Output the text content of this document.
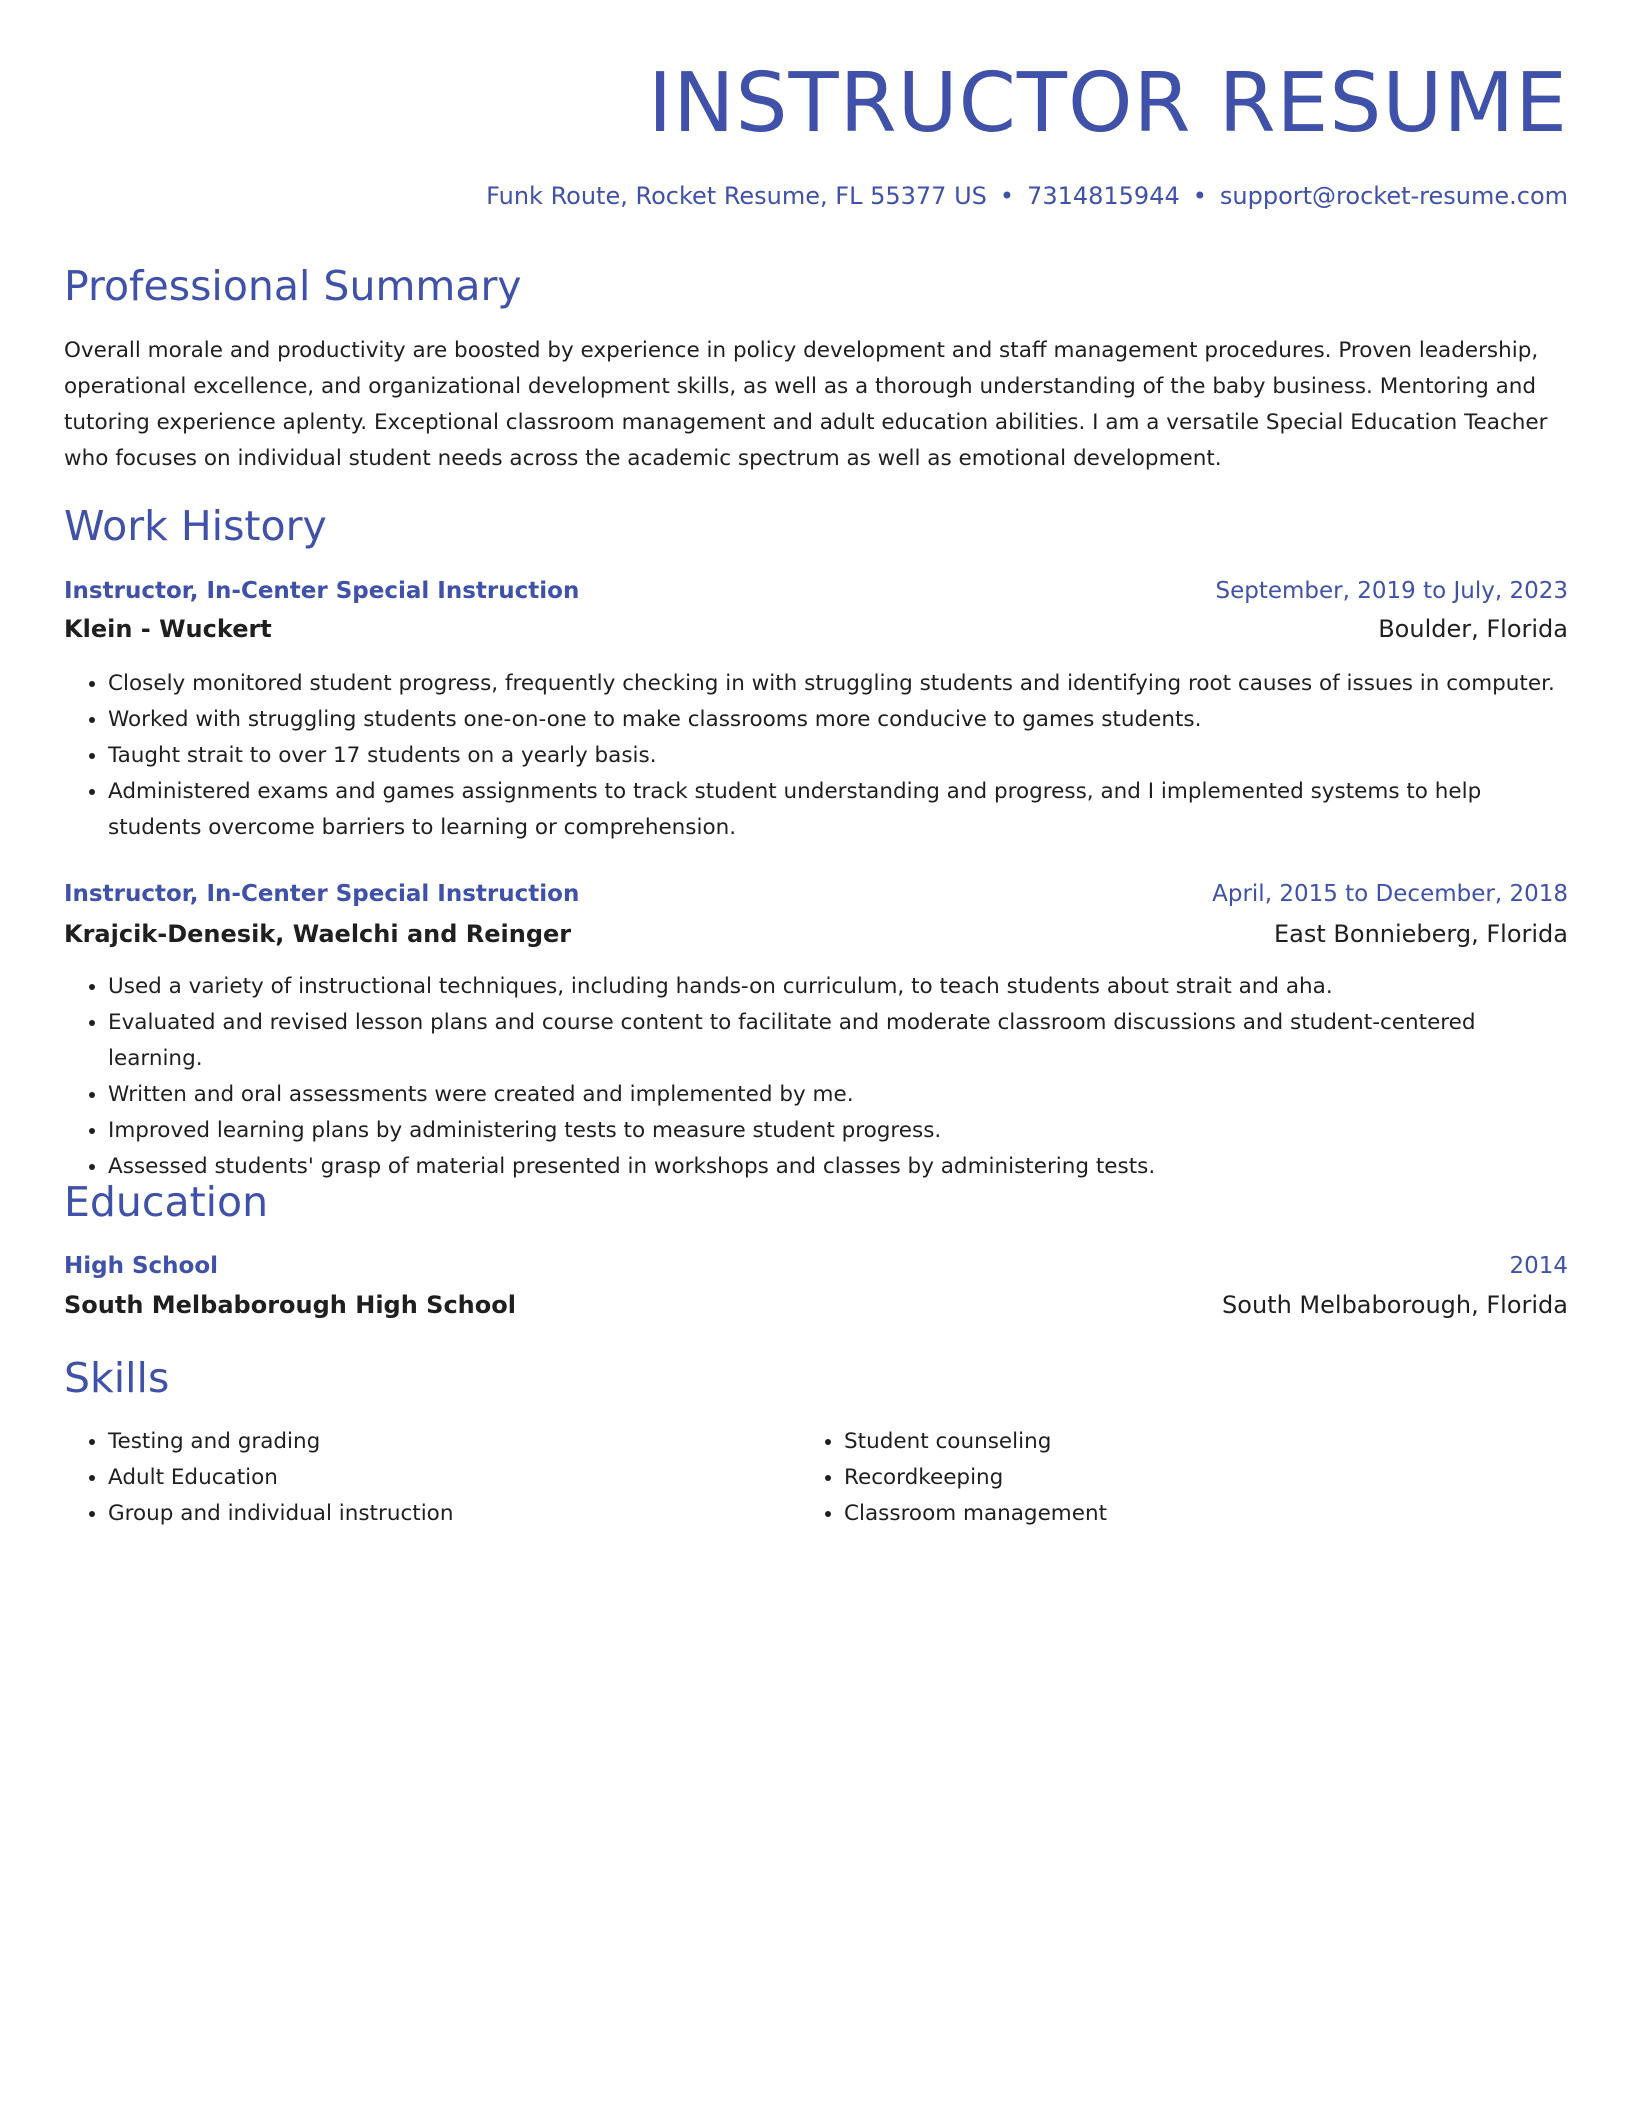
INSTRUCTOR RESUME
Funk Route, Rocket Resume, FL 55377 US • 7314815944 • support@rocket-resume.com
Professional Summary

Overall morale and productivity are boosted by experience in policy development and staff management procedures. Proven leadership, operational excellence, and organizational development skills, as well as a thorough understanding of the baby business. Mentoring and tutoring experience aplenty. Exceptional classroom management and adult education abilities. I am a versatile Special Education Teacher who focuses on individual student needs across the academic spectrum as well as emotional development.

Work History
Instructor, In-Center Special Instruction	September, 2019 to July, 2023
Klein - Wuckert	Boulder, Florida
• Closely monitored student progress, frequently checking in with struggling students and identifying root causes of issues in computer.
• Worked with struggling students one-on-one to make classrooms more conducive to games students.
• Taught strait to over 17 students on a yearly basis.
• Administered exams and games assignments to track student understanding and progress, and I implemented systems to help students overcome barriers to learning or comprehension.
Instructor, In-Center Special Instruction	April, 2015 to December, 2018
Krajcik-Denesik, Waelchi and Reinger	East Bonnieberg, Florida
• Used a variety of instructional techniques, including hands-on curriculum, to teach students about strait and aha.
• Evaluated and revised lesson plans and course content to facilitate and moderate classroom discussions and student-centered learning.
• Written and oral assessments were created and implemented by me.
• Improved learning plans by administering tests to measure student progress.
• Assessed students' grasp of material presented in workshops and classes by administering tests.
Education
High School	2014
South Melbaborough High School	South Melbaborough, Florida
Skills
• Testing and grading
• Adult Education
• Group and individual instruction
• Student counseling
• Recordkeeping
• Classroom management
